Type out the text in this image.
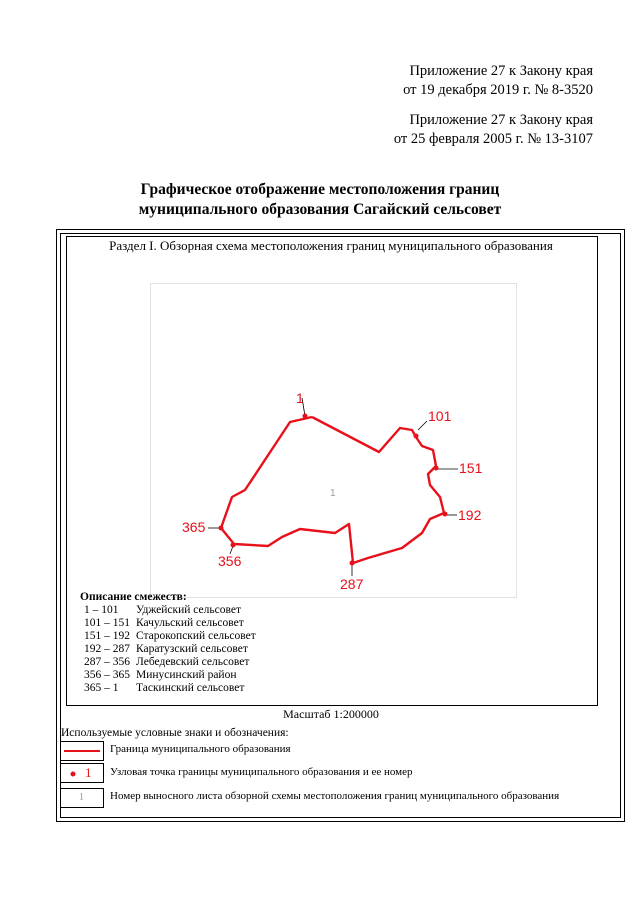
Приложение 27 к Закону края
от 19 декабря 2019 г. № 8-3520
Приложение 27 к Закону края
от 25 февраля 2005 г. № 13-3107
Графическое отображение местоположения границ
муниципального образования Сагайский сельсовет
Раздел I. Обзорная схема местоположения границ муниципального образования
1
101
151
192
287
356
365
1
Описание смежеств:
1 – 101 Уджейский сельсовет
101 – 151 Качульский сельсовет
151 – 192 Старокопский сельсовет
192 – 287 Каратузский сельсовет
287 – 356 Лебедевский сельсовет
356 – 365 Минусинский район
365 – 1 Таскинский сельсовет
Масштаб 1:200000
Используемые условные знаки и обозначения:
Граница муниципального образования
1 Узловая точка границы муниципального образования и ее номер
1 Номер выносного листа обзорной схемы местоположения границ муниципального образования
